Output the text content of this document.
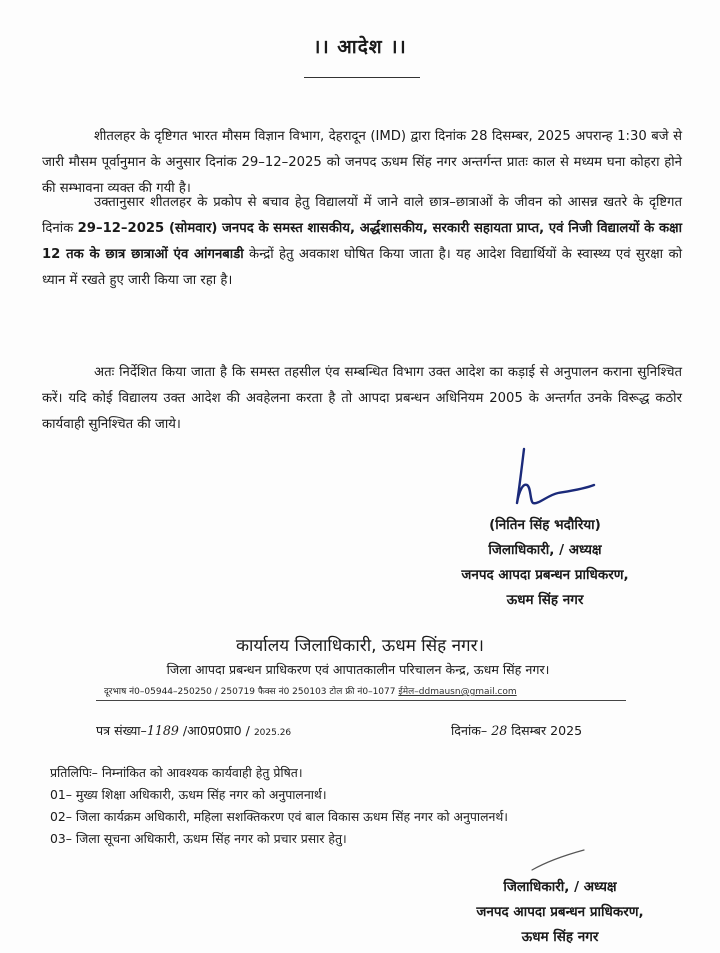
।। आदेश ।।
शीतलहर के दृष्टिगत भारत मौसम विज्ञान विभाग, देहरादून (IMD) द्वारा दिनांक 28 दिसम्बर, 2025 अपरान्ह 1:30 बजे से जारी मौसम पूर्वानुमान के अनुसार दिनांक 29–12–2025 को जनपद ऊधम सिंह नगर अन्तर्गन्त प्रातः काल से मध्यम घना कोहरा होने की सम्भावना व्यक्त की गयी है।
उक्तानुसार शीतलहर के प्रकोप से बचाव हेतु विद्यालयों में जाने वाले छात्र–छात्राओं के जीवन को आसन्न खतरे के दृष्टिगत दिनांक 29–12–2025 (सोमवार) जनपद के समस्त शासकीय, अर्द्धशासकीय, सरकारी सहायता प्राप्त, एवं निजी विद्यालयों के कक्षा 12 तक के छात्र छात्राओं एंव आंगनबाडी केन्द्रों हेतु अवकाश घोषित किया जाता है। यह आदेश विद्यार्थियों के स्वास्थ्य एवं सुरक्षा को ध्यान में रखते हुए जारी किया जा रहा है।
अतः निर्देशित किया जाता है कि समस्त तहसील एंव सम्बन्धित विभाग उक्त आदेश का कड़ाई से अनुपालन कराना सुनिश्चित करें। यदि कोई विद्यालय उक्त आदेश की अवहेलना करता है तो आपदा प्रबन्धन अधिनियम 2005 के अन्तर्गत उनके विरूद्ध कठोर कार्यवाही सुनिश्चित की जाये।
(नितिन सिंह भदौरिया)
जिलाधिकारी, / अध्यक्ष
जनपद आपदा प्रबन्धन प्राधिकरण,
ऊधम सिंह नगर
कार्यालय जिलाधिकारी, ऊधम सिंह नगर।
जिला आपदा प्रबन्धन प्राधिकरण एवं आपातकालीन परिचालन केन्द्र, ऊधम सिंह नगर।
दूरभाष नं0–05944–250250 / 250719 फैक्स नं0 250103 टोल फ्री नं0–1077 ईमेल–ddmausn@gmail.com
पत्र संख्या–1189 /आ0प्र0प्रा0 / 2025.26	दिनांक– 28 दिसम्बर 2025
प्रतिलिपिः– निम्नांकित को आवश्यक कार्यवाही हेतु प्रेषित।
01– मुख्य शिक्षा अधिकारी, ऊधम सिंह नगर को अनुपालनार्थ।
02– जिला कार्यक्रम अधिकारी, महिला सशक्तिकरण एवं बाल विकास ऊधम सिंह नगर को अनुपालनर्थ।
03– जिला सूचना अधिकारी, ऊधम सिंह नगर को प्रचार प्रसार हेतु।
जिलाधिकारी, / अध्यक्ष
जनपद आपदा प्रबन्धन प्राधिकरण,
ऊधम सिंह नगर
